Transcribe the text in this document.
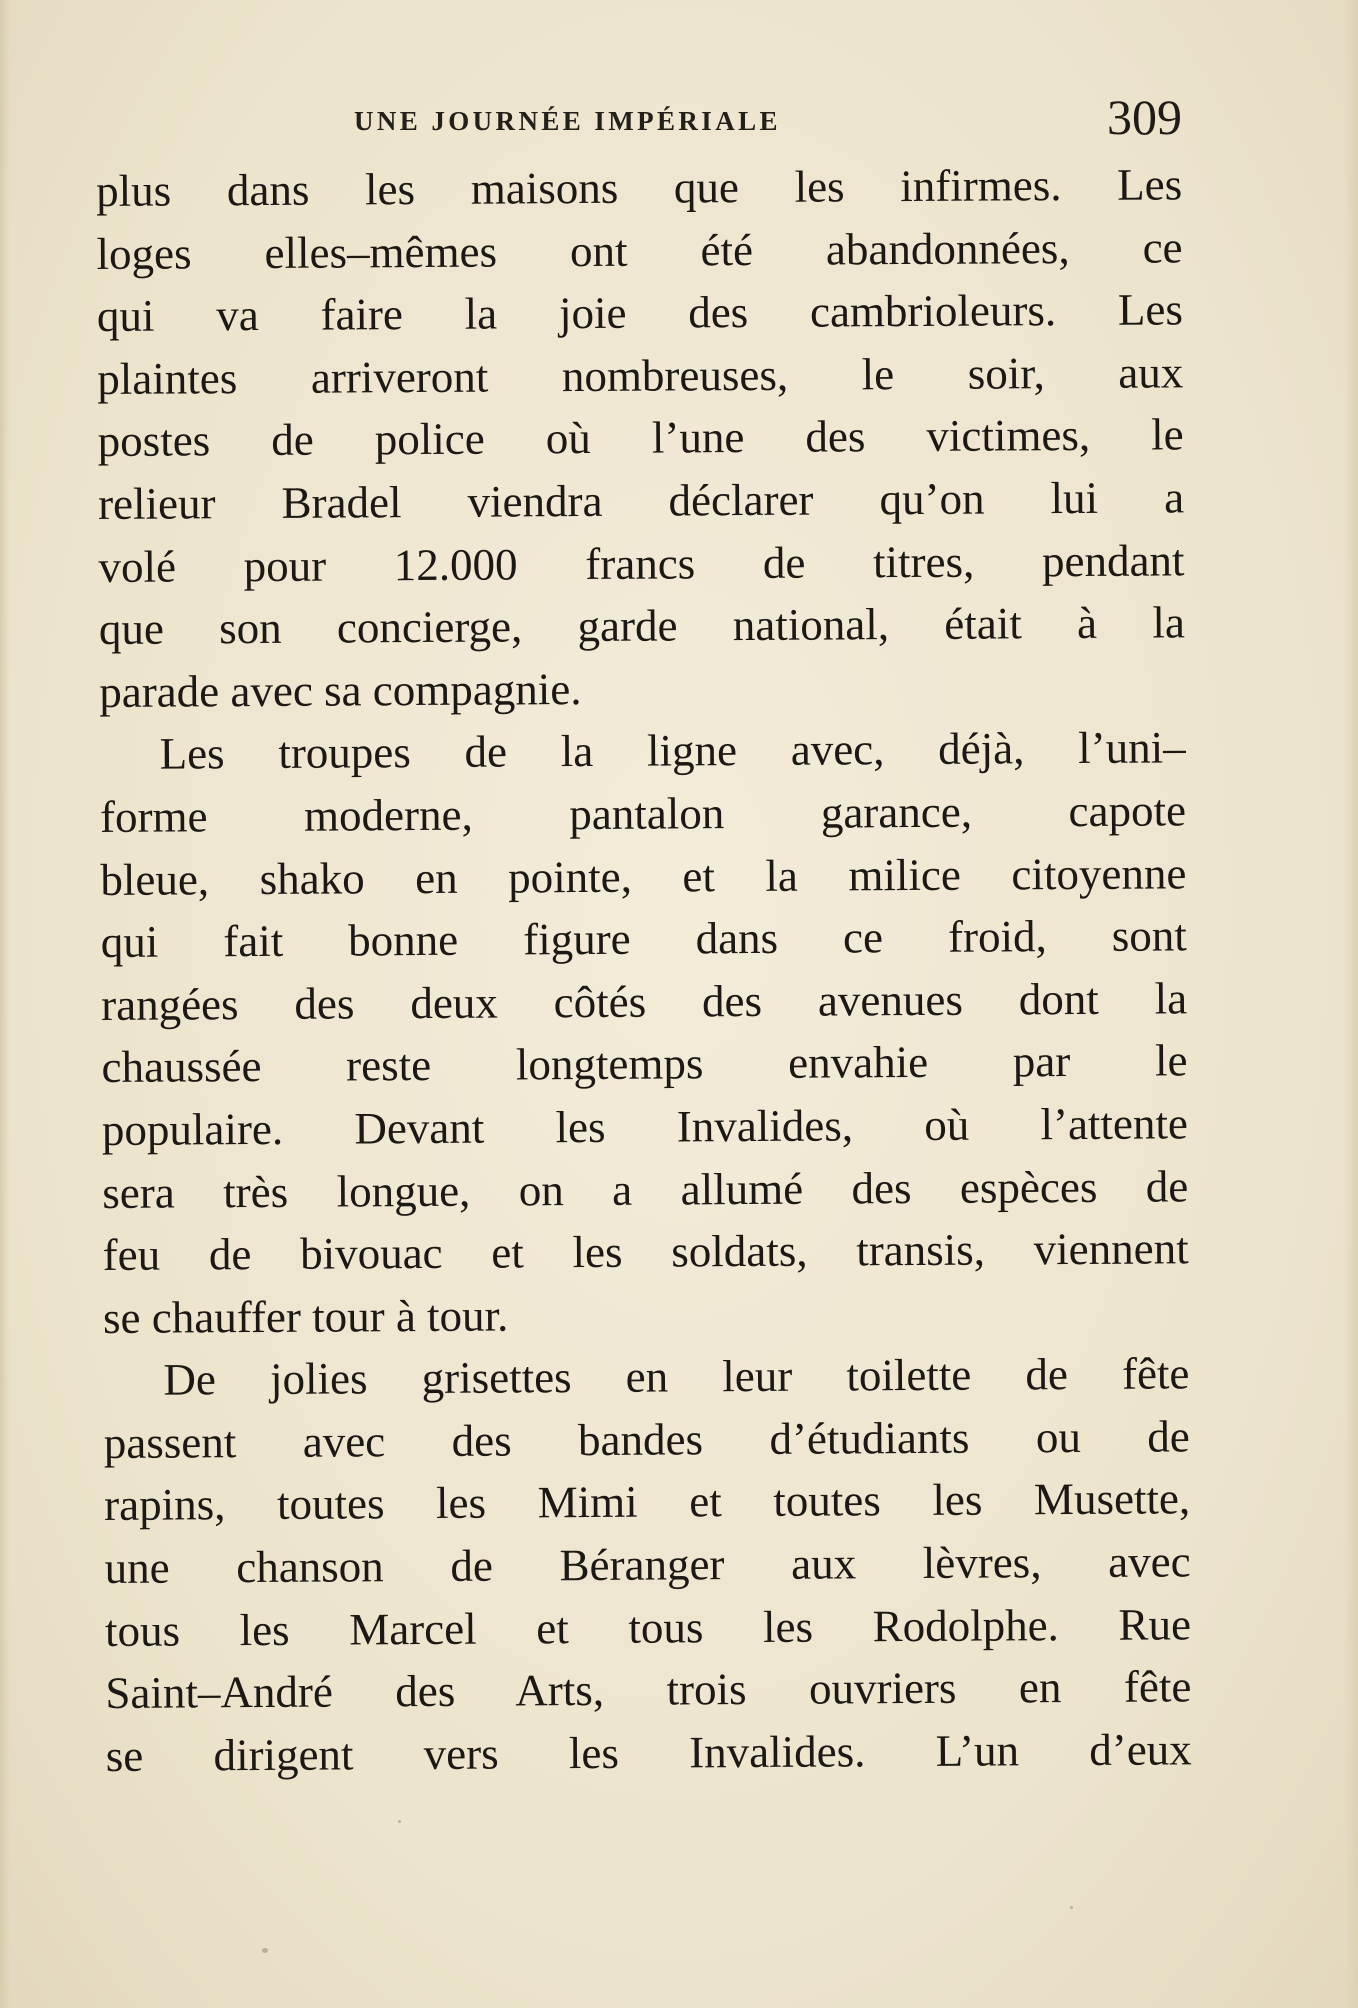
UNE JOURNÉE IMPÉRIALE	309
plus dans les maisons que les infirmes. Les
loges elles–mêmes ont été abandonnées, ce
qui va faire la joie des cambrioleurs. Les
plaintes arriveront nombreuses, le soir, aux
postes de police où l’une des victimes, le
relieur Bradel viendra déclarer qu’on lui a
volé pour 12.000 francs de titres, pendant
que son concierge, garde national, était à la
parade avec sa compagnie.
Les troupes de la ligne avec, déjà, l’uni–
forme moderne, pantalon garance, capote
bleue, shako en pointe, et la milice citoyenne
qui fait bonne figure dans ce froid, sont
rangées des deux côtés des avenues dont la
chaussée reste longtemps envahie par le
populaire. Devant les Invalides, où l’attente
sera très longue, on a allumé des espèces de
feu de bivouac et les soldats, transis, viennent
se chauffer tour à tour.
De jolies grisettes en leur toilette de fête
passent avec des bandes d’étudiants ou de
rapins, toutes les Mimi et toutes les Musette,
une chanson de Béranger aux lèvres, avec
tous les Marcel et tous les Rodolphe. Rue
Saint–André des Arts, trois ouvriers en fête
se dirigent vers les Invalides. L’un d’eux
